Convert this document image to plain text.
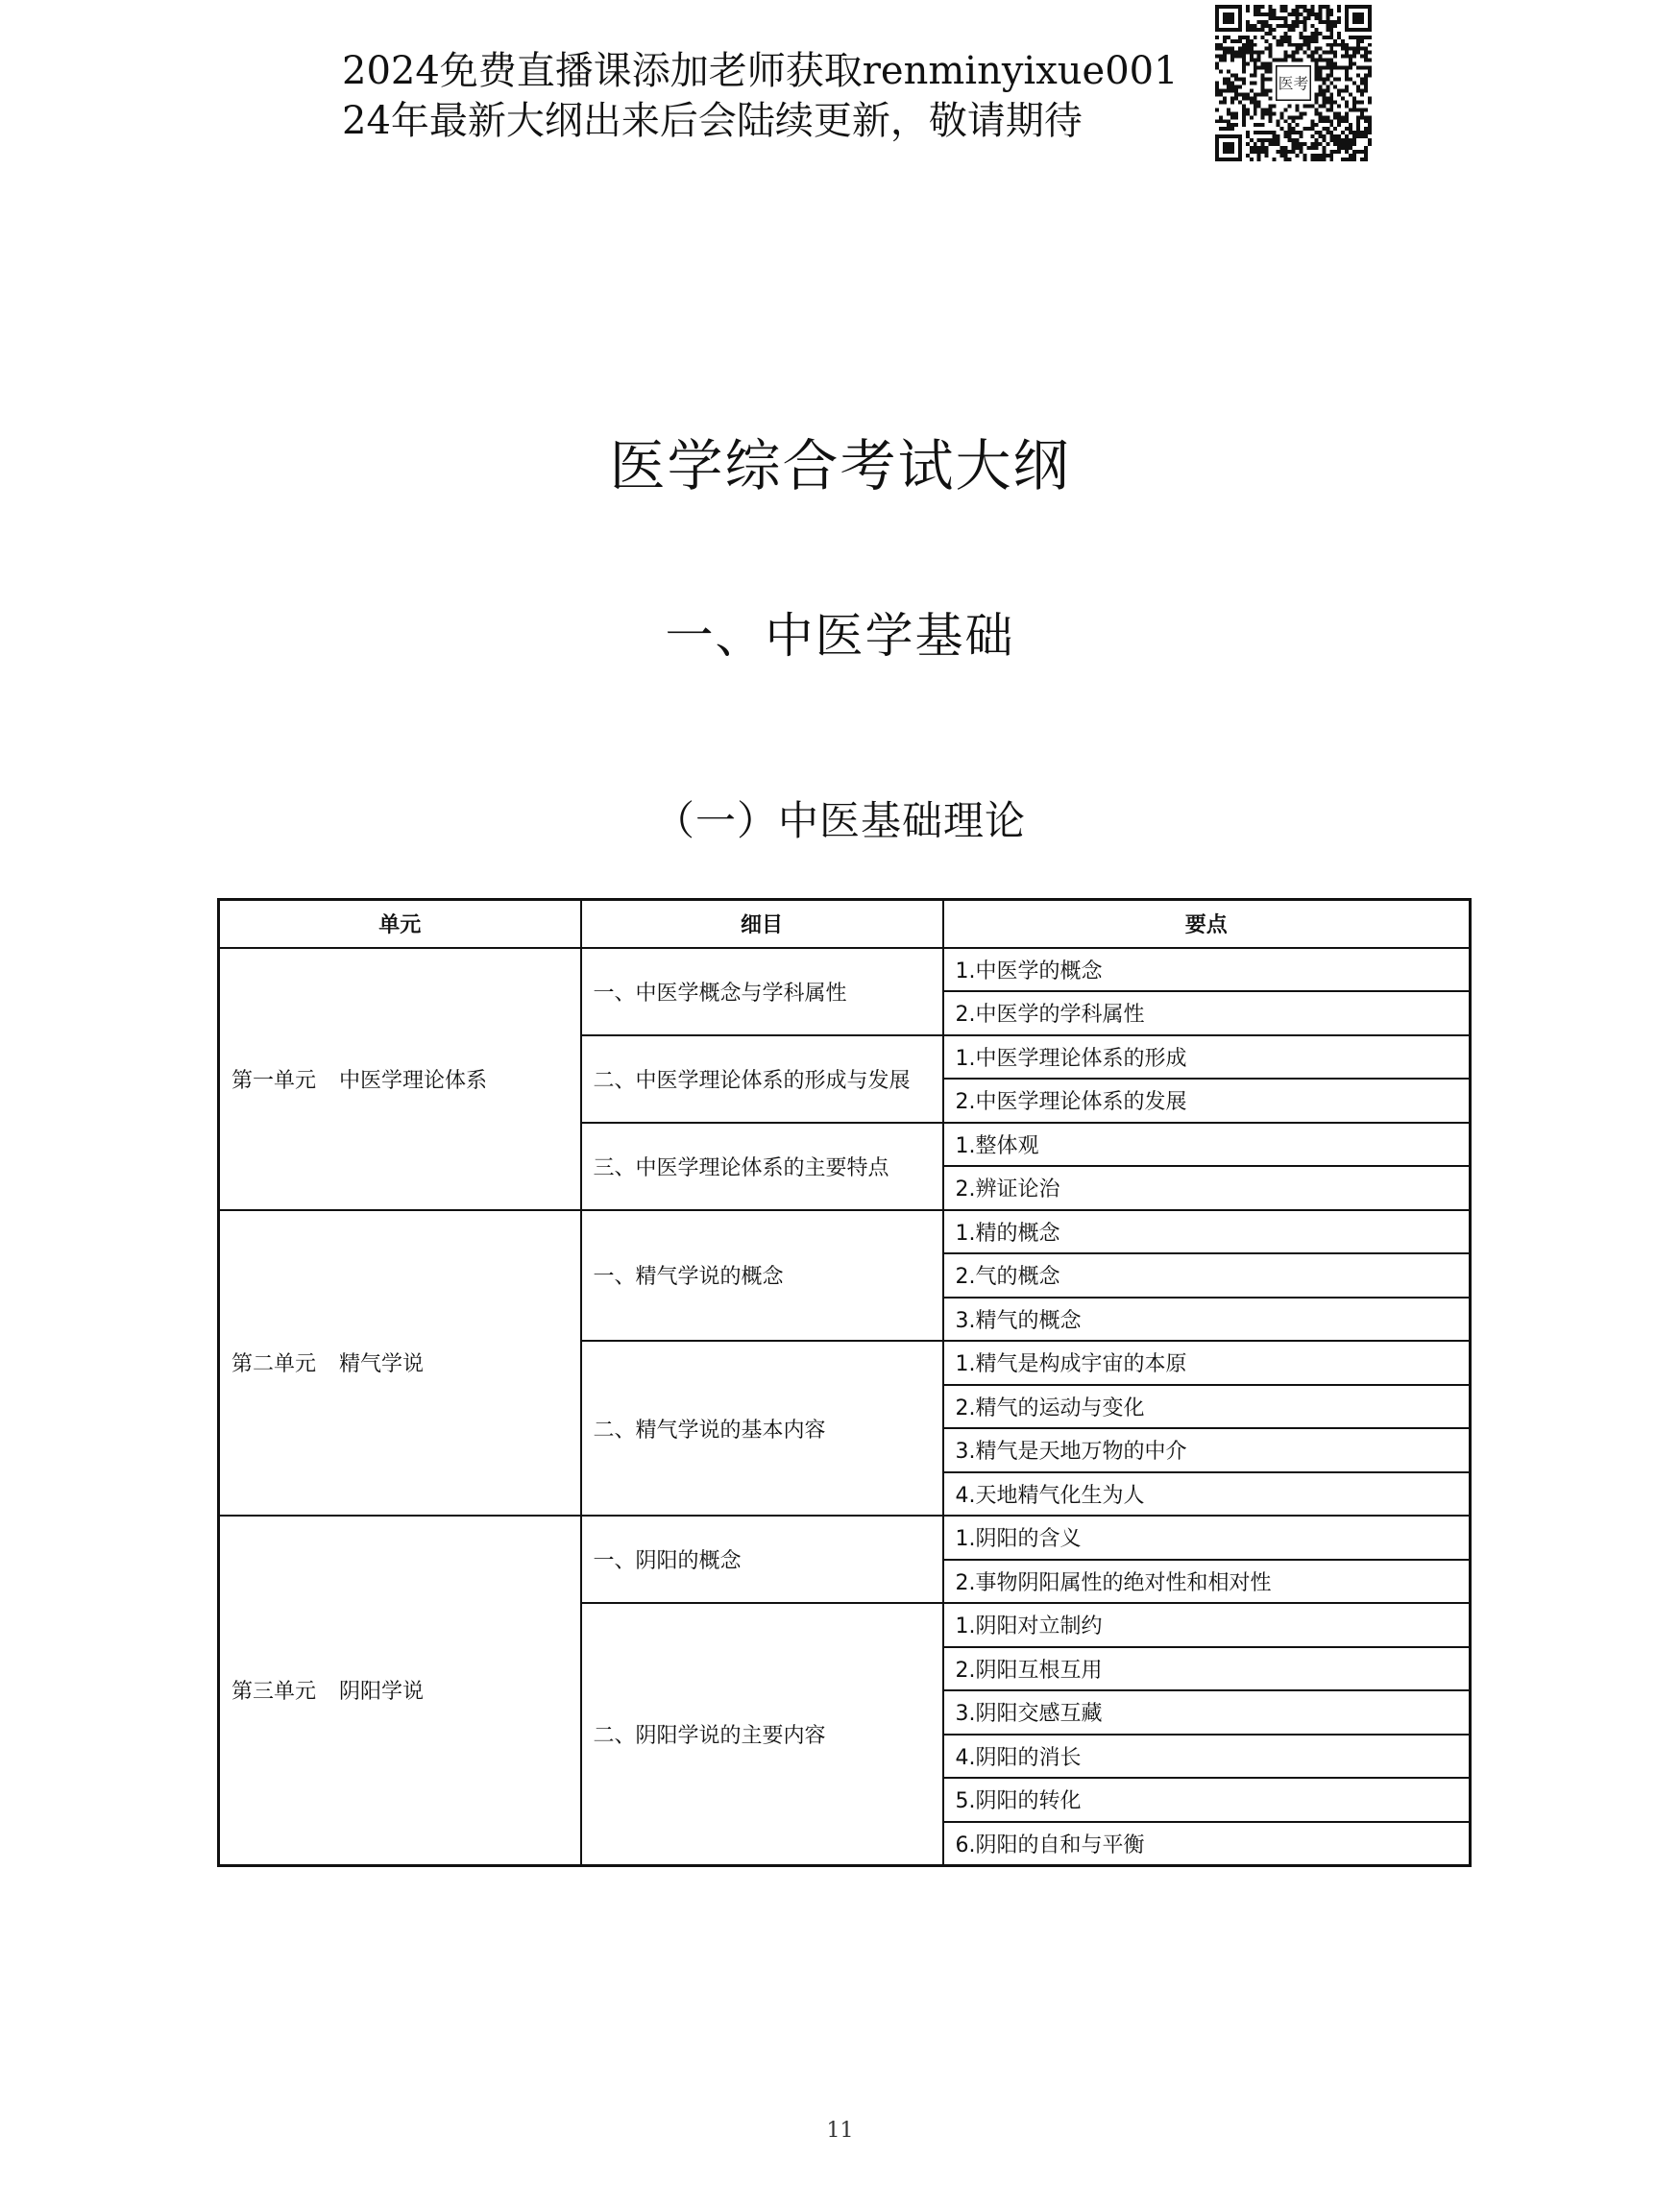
2024免费直播课添加老师获取renminyixue001
24年最新大纲出来后会陆续更新，敬请期待
医考
医学综合考试大纲
一、中医学基础
（一）中医基础理论
单元	细目	要点
第一单元 中医学理论体系	一、中医学概念与学科属性	1.中医学的概念
		2.中医学的学科属性
	二、中医学理论体系的形成与发展	1.中医学理论体系的形成
		2.中医学理论体系的发展
	三、中医学理论体系的主要特点	1.整体观
		2.辨证论治
第二单元 精气学说	一、精气学说的概念	1.精的概念
		2.气的概念
		3.精气的概念
	二、精气学说的基本内容	1.精气是构成宇宙的本原
		2.精气的运动与变化
		3.精气是天地万物的中介
		4.天地精气化生为人
第三单元 阴阳学说	一、阴阳的概念	1.阴阳的含义
		2.事物阴阳属性的绝对性和相对性
	二、阴阳学说的主要内容	1.阴阳对立制约
		2.阴阳互根互用
		3.阴阳交感互藏
		4.阴阳的消长
		5.阴阳的转化
		6.阴阳的自和与平衡
11
